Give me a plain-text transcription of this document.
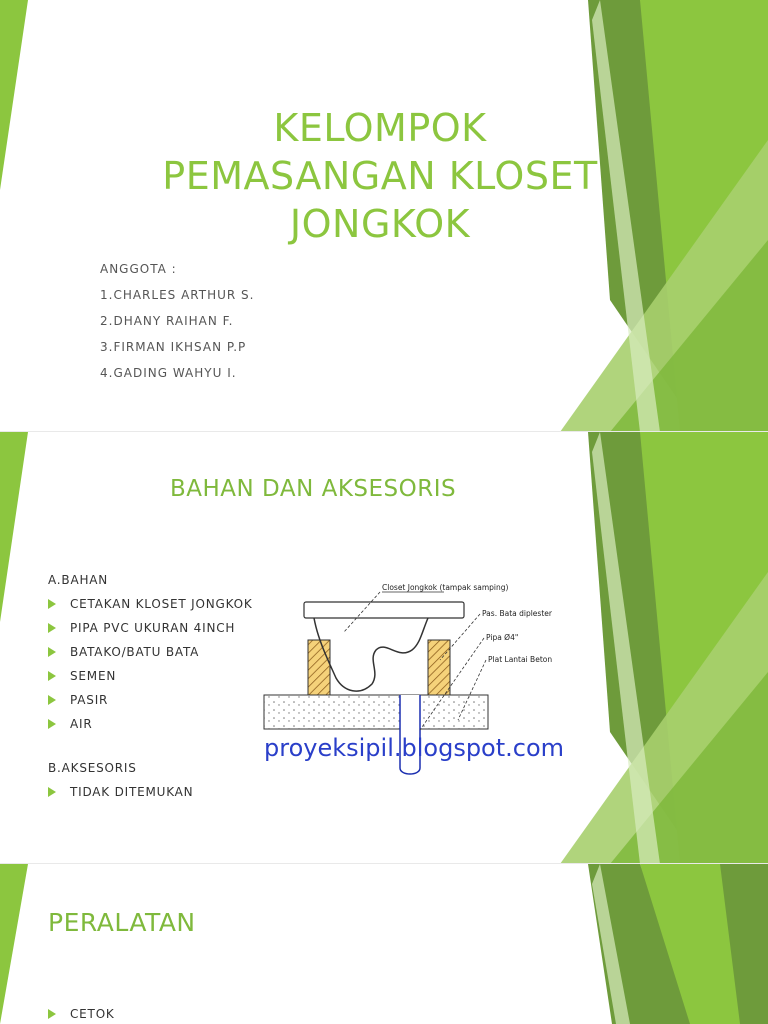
KELOMPOK
PEMASANGAN KLOSET
JONGKOK
ANGGOTA :
1.CHARLES ARTHUR S.
2.DHANY RAIHAN F.
3.FIRMAN IKHSAN P.P
4.GADING WAHYU I.
BAHAN DAN AKSESORIS
A.BAHAN
CETAKAN KLOSET JONGKOK
PIPA PVC UKURAN 4INCH
BATAKO/BATU BATA
SEMEN
PASIR
AIR
B.AKSESORIS
TIDAK DITEMUKAN
Closet Jongkok (tampak samping)
Pas. Bata diplester
Pipa Ø4"
Plat Lantai Beton
proyeksipil.blogspot.com
PERALATAN
CETOK
